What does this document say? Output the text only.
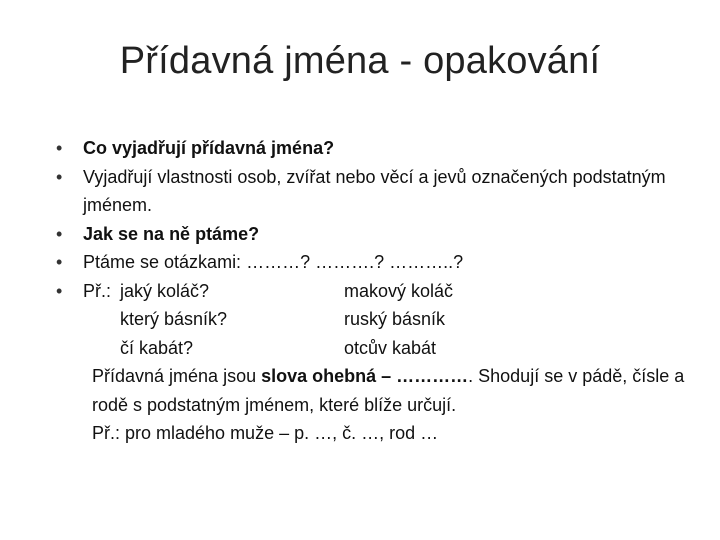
Přídavná jména - opakování
• Co vyjadřují přídavná jména?
• Vyjadřují vlastnosti osob, zvířat nebo věcí a jevů označených podstatným jménem.
• Jak se na ně ptáme?
• Ptáme se otázkami: ………? ……….? ………..?
• Př.: jaký koláč?	makový koláč
který básník?	ruský básník
čí kabát?	otcův kabát
Přídavná jména jsou slova ohebná – …………. Shodují se v pádě, čísle a rodě s podstatným jménem, které blíže určují.
Př.: pro mladého muže – p. …, č. …, rod …
